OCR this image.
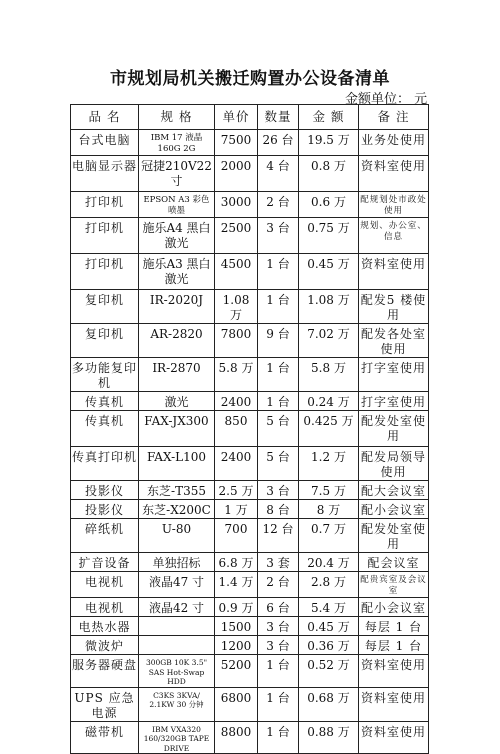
市规划局机关搬迁购置办公设备清单
金额单位： 元
品 名	规 格	单价	数量	金 额	备 注
台式电脑	IBM 17 液晶160G 2G	7500	26 台	19.5 万	业务处使用
电脑显示器	冠捷210V22寸	2000	4 台	0.8 万	资料室使用
打印机	EPSON A3 彩色喷墨	3000	2 台	0.6 万	配规划处市政处使用
打印机	施乐A4 黑白激光	2500	3 台	0.75 万	规划、办公室、信息
打印机	施乐A3 黑白激光	4500	1 台	0.45 万	资料室使用
复印机	IR-2020J	1.08 万	1 台	1.08 万	配发5 楼使用
复印机	AR-2820	7800	9 台	7.02 万	配发各处室使用
多功能复印机	IR-2870	5.8 万	1 台	5.8 万	打字室使用
传真机	激光	2400	1 台	0.24 万	打字室使用
传真机	FAX-JX300	850	5 台	0.425 万	配发处室使用
传真打印机	FAX-L100	2400	5 台	1.2 万	配发局领导使用
投影仪	东芝-T355	2.5 万	3 台	7.5 万	配大会议室
投影仪	东芝-X200C	1 万	8 台	8 万	配小会议室
碎纸机	U-80	700	12 台	0.7 万	配发处室使用
扩音设备	单独招标	6.8 万	3 套	20.4 万	配会议室
电视机	液晶47 寸	1.4 万	2 台	2.8 万	配贵宾室及会议室
电视机	液晶42 寸	0.9 万	6 台	5.4 万	配小会议室
电热水器		1500	3 台	0.45 万	每层 1 台
微波炉		1200	3 台	0.36 万	每层 1 台
服务器硬盘	300GB 10K 3.5" SAS Hot-Swap HDD	5200	1 台	0.52 万	资料室使用
UPS 应急电源	C3KS 3KVA/ 2.1KW 30 分钟	6800	1 台	0.68 万	资料室使用
磁带机	IBM VXA320 160/320GB TAPE DRIVE	8800	1 台	0.88 万	资料室使用
